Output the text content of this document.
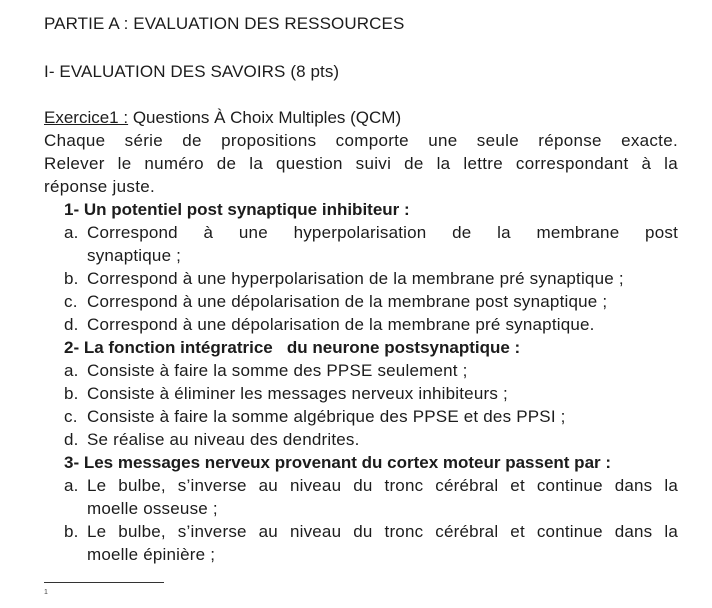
PARTIE A : EVALUATION DES RESSOURCES
I- EVALUATION DES SAVOIRS (8 pts)
Exercice1 : Questions À Choix Multiples (QCM)
Chaque série de propositions comporte une seule réponse exacte.
Relever le numéro de la question suivi de la lettre correspondant à la
réponse juste.
1- Un potentiel post synaptique inhibiteur :
a. Correspond à une hyperpolarisation de la membrane post
synaptique ;
b. Correspond à une hyperpolarisation de la membrane pré synaptique ;
c. Correspond à une dépolarisation de la membrane post synaptique ;
d. Correspond à une dépolarisation de la membrane pré synaptique.
2- La fonction intégratrice   du neurone postsynaptique :
a. Consiste à faire la somme des PPSE seulement ;
b. Consiste à éliminer les messages nerveux inhibiteurs ;
c. Consiste à faire la somme algébrique des PPSE et des PPSI ;
d. Se réalise au niveau des dendrites.
3- Les messages nerveux provenant du cortex moteur passent par :
a. Le bulbe, s’inverse au niveau du tronc cérébral et continue dans la
moelle osseuse ;
b. Le bulbe, s’inverse au niveau du tronc cérébral et continue dans la
moelle épinière ;
1
